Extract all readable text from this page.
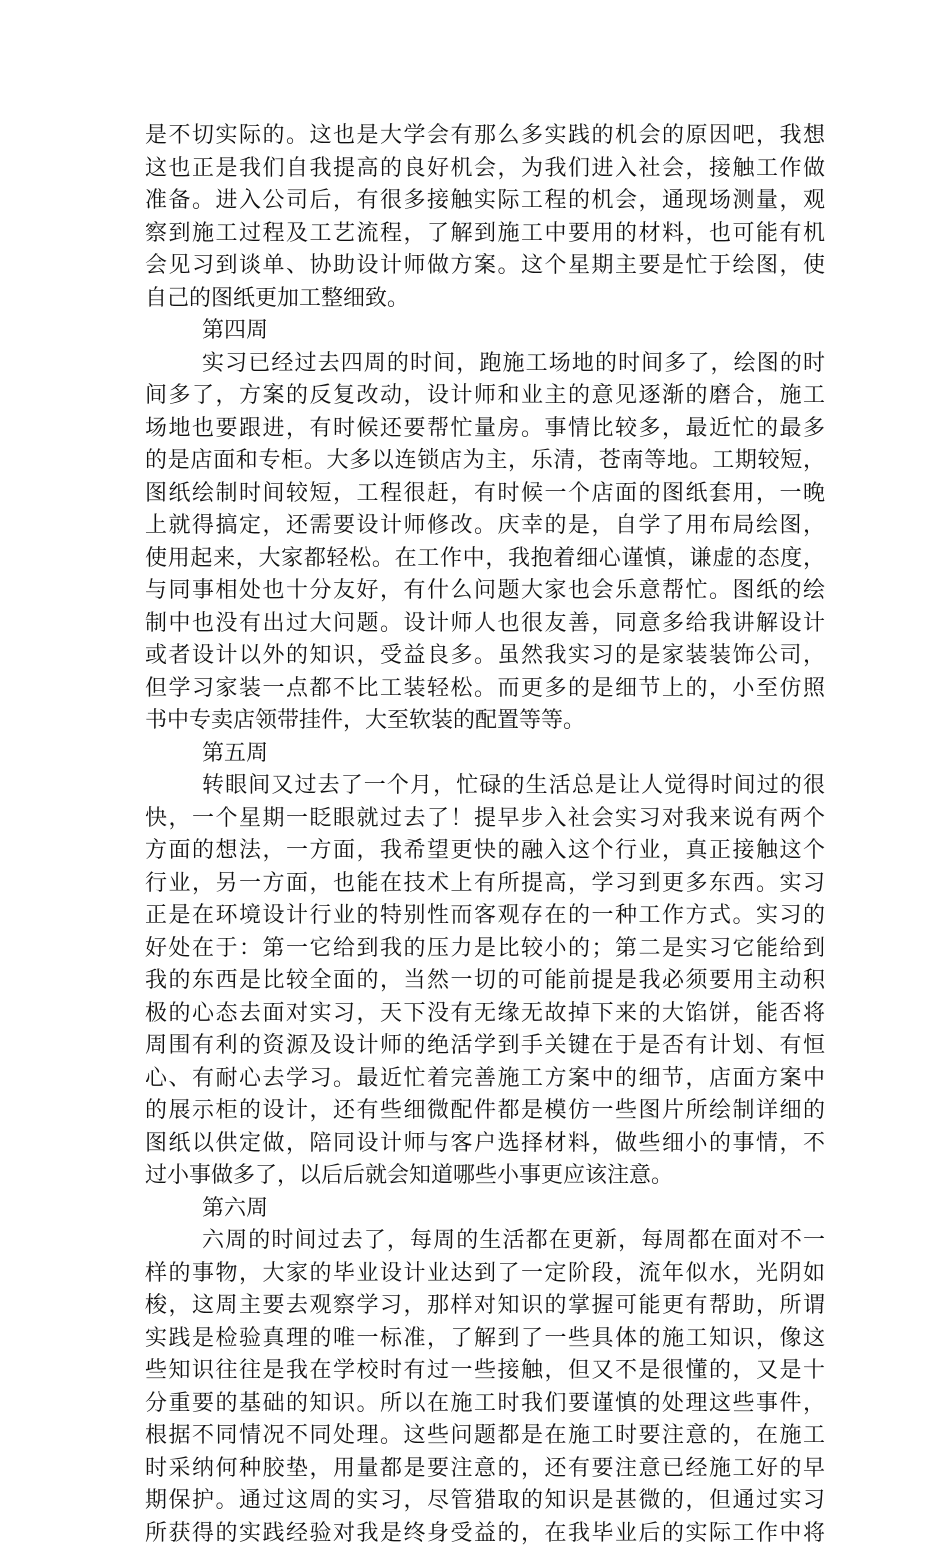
是不切实际的。这也是大学会有那么多实践的机会的原因吧，我想
这也正是我们自我提高的良好机会，为我们进入社会，接触工作做
准备。进入公司后，有很多接触实际工程的机会，通现场测量，观
察到施工过程及工艺流程，了解到施工中要用的材料，也可能有机
会见习到谈单、协助设计师做方案。这个星期主要是忙于绘图，使
自己的图纸更加工整细致。
第四周
实习已经过去四周的时间，跑施工场地的时间多了，绘图的时
间多了，方案的反复改动，设计师和业主的意见逐渐的磨合，施工
场地也要跟进，有时候还要帮忙量房。事情比较多，最近忙的最多
的是店面和专柜。大多以连锁店为主，乐清，苍南等地。工期较短，
图纸绘制时间较短，工程很赶，有时候一个店面的图纸套用，一晚
上就得搞定，还需要设计师修改。庆幸的是，自学了用布局绘图，
使用起来，大家都轻松。在工作中，我抱着细心谨慎，谦虚的态度，
与同事相处也十分友好，有什么问题大家也会乐意帮忙。图纸的绘
制中也没有出过大问题。设计师人也很友善，同意多给我讲解设计
或者设计以外的知识，受益良多。虽然我实习的是家装装饰公司，
但学习家装一点都不比工装轻松。而更多的是细节上的，小至仿照
书中专卖店领带挂件，大至软装的配置等等。
第五周
转眼间又过去了一个月，忙碌的生活总是让人觉得时间过的很
快，一个星期一眨眼就过去了！提早步入社会实习对我来说有两个
方面的想法，一方面，我希望更快的融入这个行业，真正接触这个
行业，另一方面，也能在技术上有所提高，学习到更多东西。实习
正是在环境设计行业的特别性而客观存在的一种工作方式。实习的
好处在于：第一它给到我的压力是比较小的；第二是实习它能给到
我的东西是比较全面的，当然一切的可能前提是我必须要用主动积
极的心态去面对实习，天下没有无缘无故掉下来的大馅饼，能否将
周围有利的资源及设计师的绝活学到手关键在于是否有计划、有恒
心、有耐心去学习。最近忙着完善施工方案中的细节，店面方案中
的展示柜的设计，还有些细微配件都是模仿一些图片所绘制详细的
图纸以供定做，陪同设计师与客户选择材料，做些细小的事情，不
过小事做多了，以后后就会知道哪些小事更应该注意。
第六周
六周的时间过去了，每周的生活都在更新，每周都在面对不一
样的事物，大家的毕业设计业达到了一定阶段，流年似水，光阴如
梭，这周主要去观察学习，那样对知识的掌握可能更有帮助，所谓
实践是检验真理的唯一标准，了解到了一些具体的施工知识，像这
些知识往往是我在学校时有过一些接触，但又不是很懂的，又是十
分重要的基础的知识。所以在施工时我们要谨慎的处理这些事件，
根据不同情况不同处理。这些问题都是在施工时要注意的，在施工
时采纳何种胶垫，用量都是要注意的，还有要注意已经施工好的早
期保护。通过这周的实习，尽管猎取的知识是甚微的，但通过实习
所获得的实践经验对我是终身受益的，在我毕业后的实际工作中将
